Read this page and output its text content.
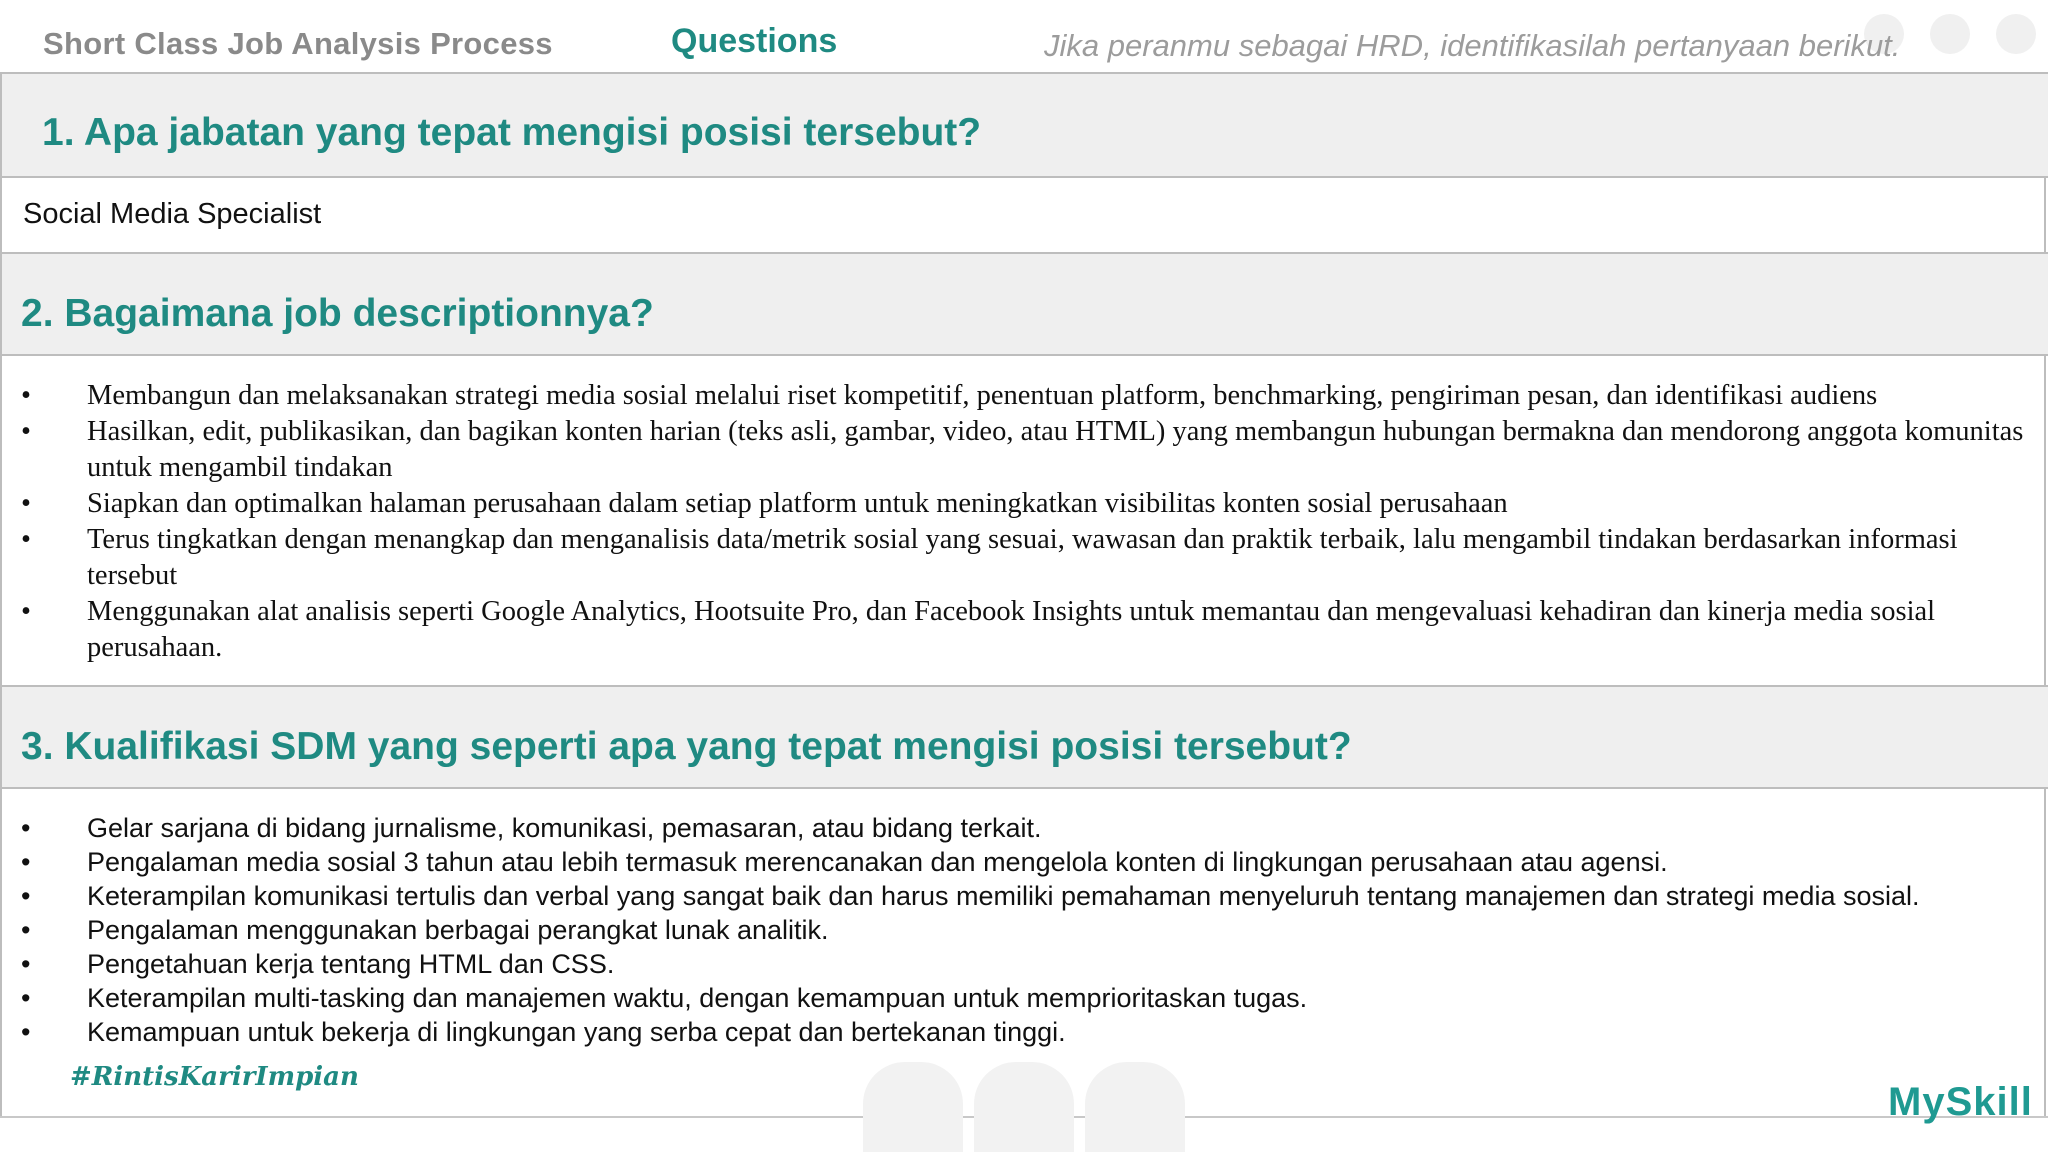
Short Class Job Analysis Process	Questions	Jika peranmu sebagai HRD, identifikasilah pertanyaan berikut.
1. Apa jabatan yang tepat mengisi posisi tersebut?
Social Media Specialist
2. Bagaimana job descriptionnya?
• Membangun dan melaksanakan strategi media sosial melalui riset kompetitif, penentuan platform, benchmarking, pengiriman pesan, dan identifikasi audiens
• Hasilkan, edit, publikasikan, dan bagikan konten harian (teks asli, gambar, video, atau HTML) yang membangun hubungan bermakna dan mendorong anggota komunitas untuk mengambil tindakan
• Siapkan dan optimalkan halaman perusahaan dalam setiap platform untuk meningkatkan visibilitas konten sosial perusahaan
• Terus tingkatkan dengan menangkap dan menganalisis data/metrik sosial yang sesuai, wawasan dan praktik terbaik, lalu mengambil tindakan berdasarkan informasi tersebut
• Menggunakan alat analisis seperti Google Analytics, Hootsuite Pro, dan Facebook Insights untuk memantau dan mengevaluasi kehadiran dan kinerja media sosial perusahaan.
3. Kualifikasi SDM yang seperti apa yang tepat mengisi posisi tersebut?
• Gelar sarjana di bidang jurnalisme, komunikasi, pemasaran, atau bidang terkait.
• Pengalaman media sosial 3 tahun atau lebih termasuk merencanakan dan mengelola konten di lingkungan perusahaan atau agensi.
• Keterampilan komunikasi tertulis dan verbal yang sangat baik dan harus memiliki pemahaman menyeluruh tentang manajemen dan strategi media sosial.
• Pengalaman menggunakan berbagai perangkat lunak analitik.
• Pengetahuan kerja tentang HTML dan CSS.
• Keterampilan multi-tasking dan manajemen waktu, dengan kemampuan untuk memprioritaskan tugas.
• Kemampuan untuk bekerja di lingkungan yang serba cepat dan bertekanan tinggi.
#RintisKarirImpian
MySkill
